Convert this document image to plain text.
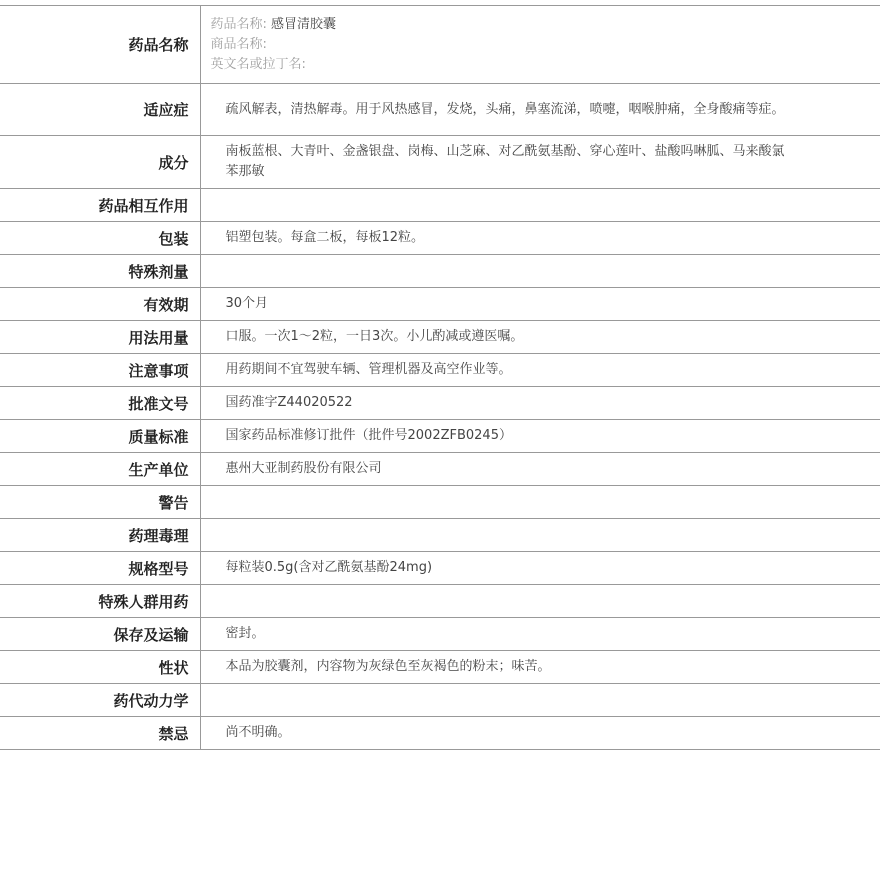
药品名称	药品名称: 感冒清胶囊
商品名称:
英文名或拉丁名:

适应症	疏风解表，清热解毒。用于风热感冒，发烧，头痛，鼻塞流涕，喷嚏，咽喉肿痛，全身酸痛等症。
成分	南板蓝根、大青叶、金盏银盘、岗梅、山芝麻、对乙酰氨基酚、穿心莲叶、盐酸吗啉胍、马来酸氯苯那敏
药品相互作用	
包装	铝塑包装。每盒二板，每板12粒。
特殊剂量	
有效期	30个月
用法用量	口服。一次1～2粒，一日3次。小儿酌减或遵医嘱。
注意事项	用药期间不宜驾驶车辆、管理机器及高空作业等。
批准文号	国药准字Z44020522
质量标准	国家药品标准修订批件（批件号2002ZFB0245）
生产单位	惠州大亚制药股份有限公司
警告	
药理毒理	
规格型号	每粒装0.5g(含对乙酰氨基酚24mg)
特殊人群用药	
保存及运输	密封。
性状	本品为胶囊剂，内容物为灰绿色至灰褐色的粉末；味苦。
药代动力学	
禁忌	尚不明确。
